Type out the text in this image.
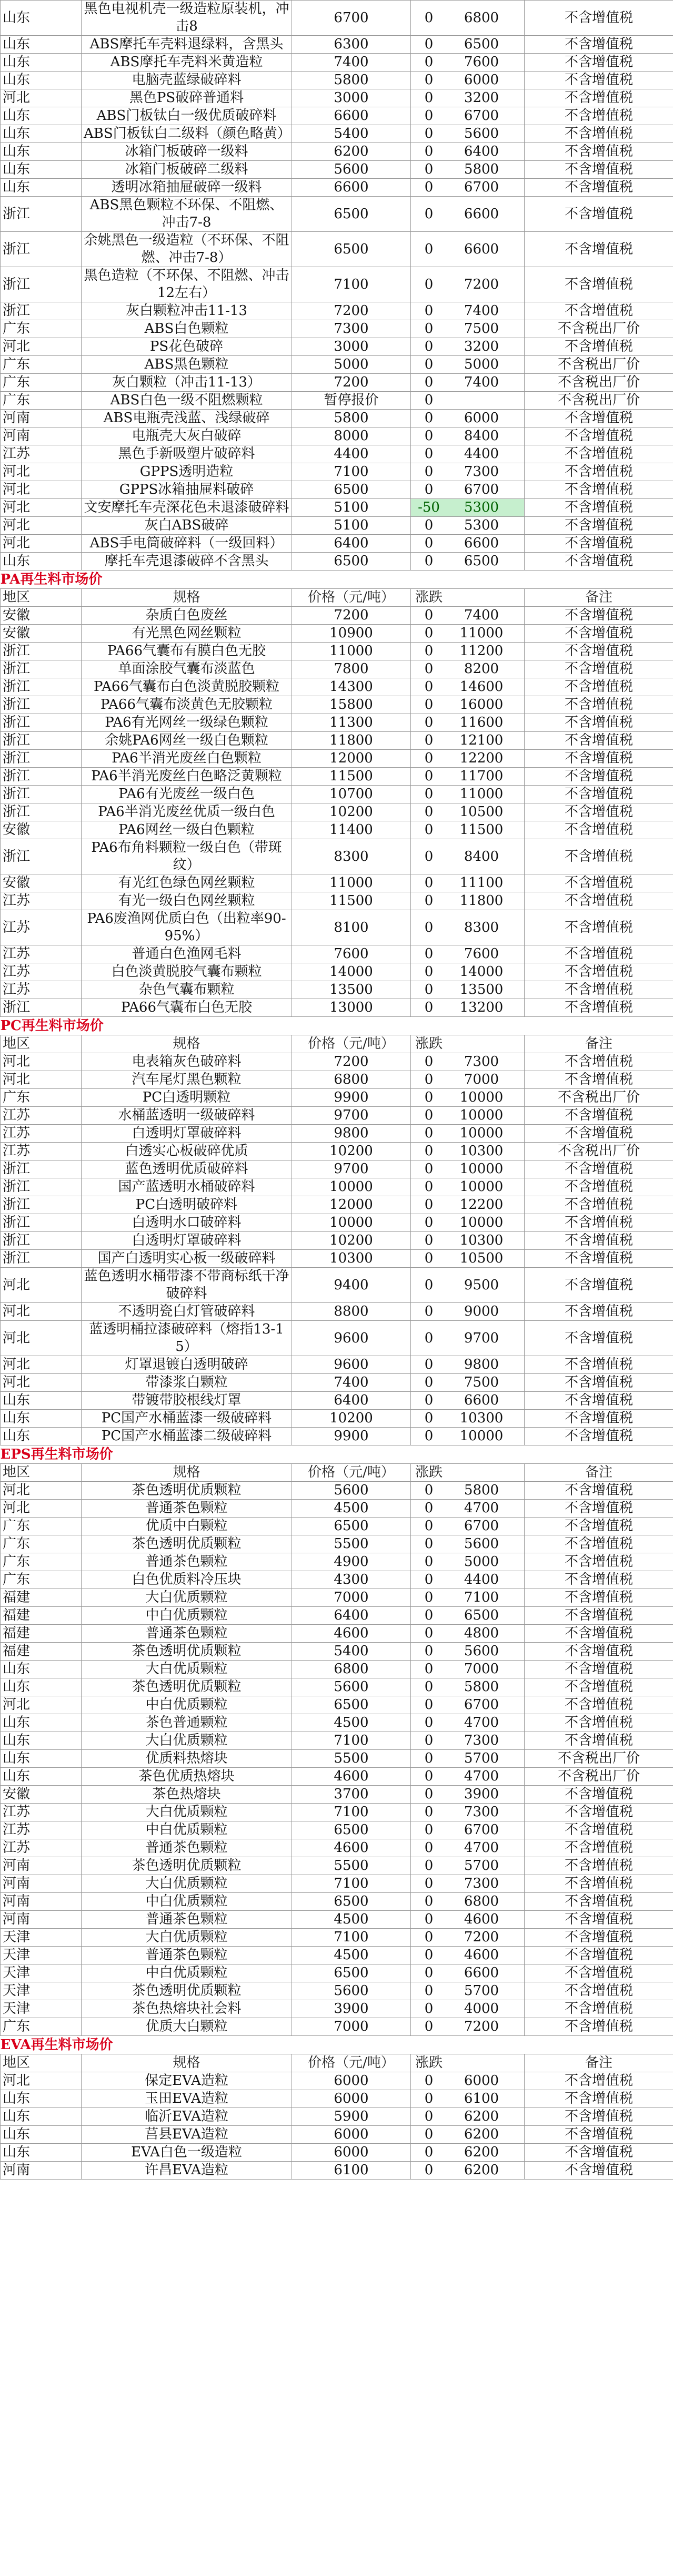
山东	黑色电视机壳一级造粒原装机，冲击8	6700	0 6800	不含增值税
山东	ABS摩托车壳料退绿料，含黑头	6300	0 6500	不含增值税
山东	ABS摩托车壳料米黄造粒	7400	0 7600	不含增值税
山东	电脑壳蓝绿破碎料	5800	0 6000	不含增值税
河北	黑色PS破碎普通料	3000	0 3200	不含增值税
山东	ABS门板钛白一级优质破碎料	6600	0 6700	不含增值税
山东	ABS门板钛白二级料（颜色略黄）	5400	0 5600	不含增值税
山东	冰箱门板破碎一级料	6200	0 6400	不含增值税
山东	冰箱门板破碎二级料	5600	0 5800	不含增值税
山东	透明冰箱抽屉破碎一级料	6600	0 6700	不含增值税
浙江	ABS黑色颗粒不环保、不阻燃、冲击7-8	6500	0 6600	不含增值税
浙江	余姚黑色一级造粒（不环保、不阻燃、冲击7-8）	6500	0 6600	不含增值税
浙江	黑色造粒（不环保、不阻燃、冲击12左右）	7100	0 7200	不含增值税
浙江	灰白颗粒冲击11-13	7200	0 7400	不含增值税
广东	ABS白色颗粒	7300	0 7500	不含税出厂价
河北	PS花色破碎	3000	0 3200	不含增值税
广东	ABS黑色颗粒	5000	0 5000	不含税出厂价
广东	灰白颗粒（冲击11-13）	7200	0 7400	不含税出厂价
广东	ABS白色一级不阻燃颗粒	暂停报价	0	不含税出厂价
河南	ABS电瓶壳浅蓝、浅绿破碎	5800	0 6000	不含增值税
河南	电瓶壳大灰白破碎	8000	0 8400	不含增值税
江苏	黑色手新吸塑片破碎料	4400	0 4400	不含增值税
河北	GPPS透明造粒	7100	0 7300	不含增值税
河北	GPPS冰箱抽屉料破碎	6500	0 6700	不含增值税
河北	文安摩托车壳深花色未退漆破碎料	5100	-50 5300	不含增值税
河北	灰白ABS破碎	5100	0 5300	不含增值税
河北	ABS手电筒破碎料（一级回料）	6400	0 6600	不含增值税
山东	摩托车壳退漆破碎不含黑头	6500	0 6500	不含增值税
PA再生料市场价				
地区	规格	价格（元/吨）	涨跌	备注
安徽	杂质白色废丝	7200	0 7400	不含增值税
安徽	有光黑色网丝颗粒	10900	0 11000	不含增值税
浙江	PA66气囊布有膜白色无胶	11000	0 11200	不含增值税
浙江	单面涂胶气囊布淡蓝色	7800	0 8200	不含增值税
浙江	PA66气囊布白色淡黄脱胶颗粒	14300	0 14600	不含增值税
浙江	PA66气囊布淡黄色无胶颗粒	15800	0 16000	不含增值税
浙江	PA6有光网丝一级绿色颗粒	11300	0 11600	不含增值税
浙江	余姚PA6网丝一级白色颗粒	11800	0 12100	不含增值税
浙江	PA6半消光废丝白色颗粒	12000	0 12200	不含增值税
浙江	PA6半消光废丝白色略泛黄颗粒	11500	0 11700	不含增值税
浙江	PA6有光废丝一级白色	10700	0 11000	不含增值税
浙江	PA6半消光废丝优质一级白色	10200	0 10500	不含增值税
安徽	PA6网丝一级白色颗粒	11400	0 11500	不含增值税
浙江	PA6布角料颗粒一级白色（带斑纹）	8300	0 8400	不含增值税
安徽	有光红色绿色网丝颗粒	11000	0 11100	不含增值税
江苏	有光一级白色网丝颗粒	11500	0 11800	不含增值税
江苏	PA6废渔网优质白色（出粒率90-95%）	8100	0 8300	不含增值税
江苏	普通白色渔网毛料	7600	0 7600	不含增值税
江苏	白色淡黄脱胶气囊布颗粒	14000	0 14000	不含增值税
江苏	杂色气囊布颗粒	13500	0 13500	不含增值税
浙江	PA66气囊布白色无胶	13000	0 13200	不含增值税
PC再生料市场价				
地区	规格	价格（元/吨）	涨跌	备注
河北	电表箱灰色破碎料	7200	0 7300	不含增值税
河北	汽车尾灯黑色颗粒	6800	0 7000	不含增值税
广东	PC白透明颗粒	9900	0 10000	不含税出厂价
江苏	水桶蓝透明一级破碎料	9700	0 10000	不含增值税
江苏	白透明灯罩破碎料	9800	0 10000	不含增值税
江苏	白透实心板破碎优质	10200	0 10300	不含税出厂价
浙江	蓝色透明优质破碎料	9700	0 10000	不含增值税
浙江	国产蓝透明水桶破碎料	10000	0 10000	不含增值税
浙江	PC白透明破碎料	12000	0 12200	不含增值税
浙江	白透明水口破碎料	10000	0 10000	不含增值税
浙江	白透明灯罩破碎料	10200	0 10300	不含增值税
浙江	国产白透明实心板一级破碎料	10300	0 10500	不含增值税
河北	蓝色透明水桶带漆不带商标纸干净破碎料	9400	0 9500	不含增值税
河北	不透明瓷白灯管破碎料	8800	0 9000	不含增值税
河北	蓝透明桶拉漆破碎料（熔指13-15）	9600	0 9700	不含增值税
河北	灯罩退镀白透明破碎	9600	0 9800	不含增值税
河北	带漆浆白颗粒	7400	0 7500	不含增值税
山东	带镀带胶根线灯罩	6400	0 6600	不含增值税
山东	PC国产水桶蓝漆一级破碎料	10200	0 10300	不含增值税
山东	PC国产水桶蓝漆二级破碎料	9900	0 10000	不含增值税
EPS再生料市场价				
地区	规格	价格（元/吨）	涨跌	备注
河北	茶色透明优质颗粒	5600	0 5800	不含增值税
河北	普通茶色颗粒	4500	0 4700	不含增值税
广东	优质中白颗粒	6500	0 6700	不含增值税
广东	茶色透明优质颗粒	5500	0 5600	不含增值税
广东	普通茶色颗粒	4900	0 5000	不含增值税
广东	白色优质料冷压块	4300	0 4400	不含增值税
福建	大白优质颗粒	7000	0 7100	不含增值税
福建	中白优质颗粒	6400	0 6500	不含增值税
福建	普通茶色颗粒	4600	0 4800	不含增值税
福建	茶色透明优质颗粒	5400	0 5600	不含增值税
山东	大白优质颗粒	6800	0 7000	不含增值税
山东	茶色透明优质颗粒	5600	0 5800	不含增值税
河北	中白优质颗粒	6500	0 6700	不含增值税
山东	茶色普通颗粒	4500	0 4700	不含增值税
山东	大白优质颗粒	7100	0 7300	不含增值税
山东	优质料热熔块	5500	0 5700	不含税出厂价
山东	茶色优质热熔块	4600	0 4700	不含税出厂价
安徽	茶色热熔块	3700	0 3900	不含增值税
江苏	大白优质颗粒	7100	0 7300	不含增值税
江苏	中白优质颗粒	6500	0 6700	不含增值税
江苏	普通茶色颗粒	4600	0 4700	不含增值税
河南	茶色透明优质颗粒	5500	0 5700	不含增值税
河南	大白优质颗粒	7100	0 7300	不含增值税
河南	中白优质颗粒	6500	0 6800	不含增值税
河南	普通茶色颗粒	4500	0 4600	不含增值税
天津	大白优质颗粒	7100	0 7200	不含增值税
天津	普通茶色颗粒	4500	0 4600	不含增值税
天津	中白优质颗粒	6500	0 6600	不含增值税
天津	茶色透明优质颗粒	5600	0 5700	不含增值税
天津	茶色热熔块社会料	3900	0 4000	不含增值税
广东	优质大白颗粒	7000	0 7200	不含增值税
EVA再生料市场价				
地区	规格	价格（元/吨）	涨跌	备注
河北	保定EVA造粒	6000	0 6000	不含增值税
山东	玉田EVA造粒	6000	0 6100	不含增值税
山东	临沂EVA造粒	5900	0 6200	不含增值税
山东	莒县EVA造粒	6000	0 6200	不含增值税
山东	EVA白色一级造粒	6000	0 6200	不含增值税
河南	许昌EVA造粒	6100	0 6200	不含增值税
